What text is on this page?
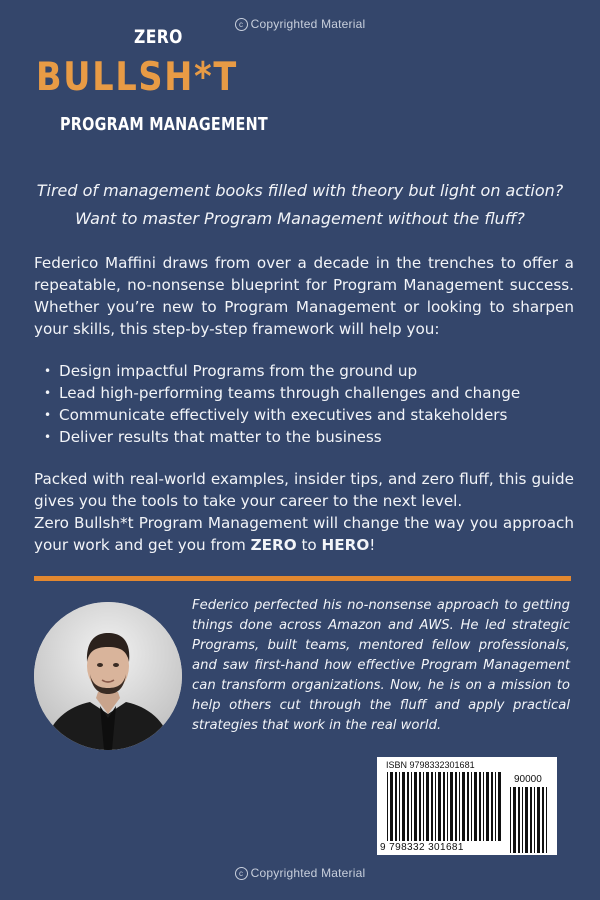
c Copyrighted Material
ZERO
BULLSH*T
PROGRAM MANAGEMENT
Tired of management books filled with theory but light on action?
Want to master Program Management without the fluff?
Federico Maffini draws from over a decade in the trenches to offer a repeatable, no-nonsense blueprint for Program Management success. Whether you’re new to Program Management or looking to sharpen your skills, this step-by-step framework will help you:
• Design impactful Programs from the ground up
• Lead high-performing teams through challenges and change
• Communicate effectively with executives and stakeholders
• Deliver results that matter to the business
Packed with real-world examples, insider tips, and zero fluff, this guide gives you the tools to take your career to the next level.
Zero Bullsh*t Program Management will change the way you approach your work and get you from ZERO to HERO!
Federico perfected his no-nonsense approach to getting things done across Amazon and AWS. He led strategic Programs, built teams, mentored fellow professionals, and saw first-hand how effective Program Management can transform organizations. Now, he is on a mission to help others cut through the fluff and apply practical strategies that work in the real world.
ISBN 9798332301681
90000
9 798332 301681
c Copyrighted Material
